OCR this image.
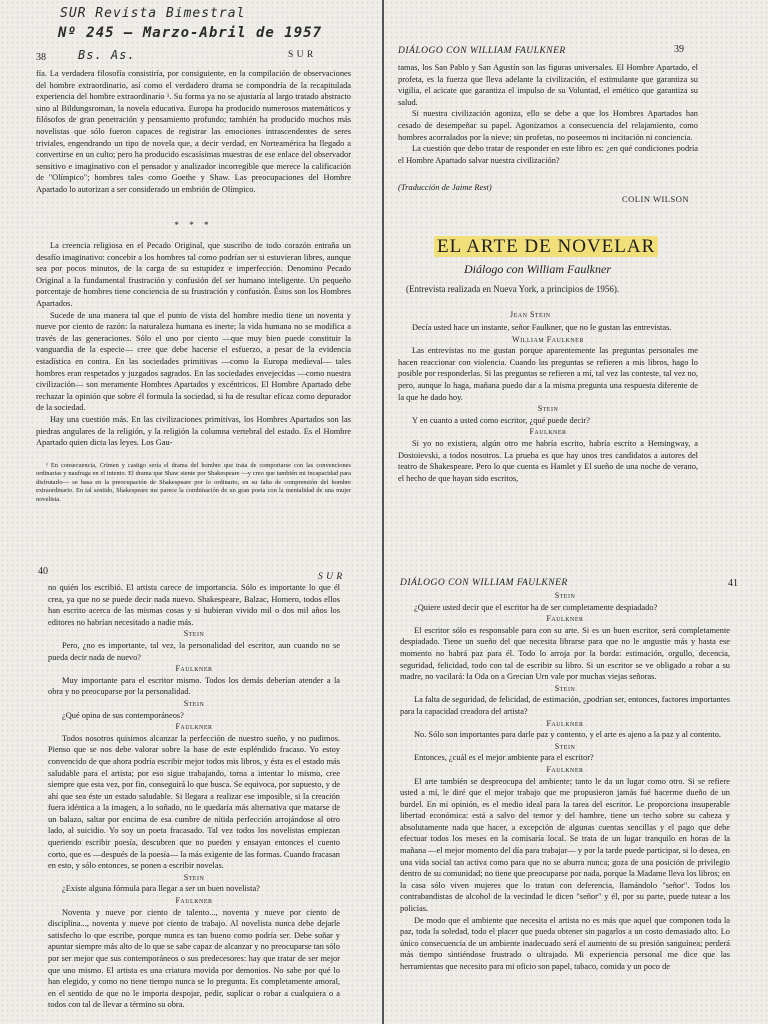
SUR Revista Bimestral
Nº 245 – Marzo-Abril de 1957
Bs. As.
38	S U R

fía. La verdadera filosofía consistiría, por consiguiente, en la compilación de observaciones del hombre extraordinario, así como el verdadero drama se compondría de la recapitulada experiencia del hombre extraordinario ¹. Su forma ya no se ajustaría al largo tratado abstracto sino al Bildungsroman, la novela educativa. Europa ha producido numerosos matemáticos y filósofos de gran penetración y pensamiento profundo; también ha producido muchos más novelistas que sólo fueron capaces de registrar las emociones intrascendentes de seres triviales, engendrando un tipo de novela que, a decir verdad, en Norteamérica ha llegado a convertirse en un culto; pero ha producido escasísimas muestras de ese enlace del observador sensitivo e imaginativo con el pensador y analizador incorregible que merece la calificación de "Olímpico"; hombres tales como Goethe y Shaw. Las preocupaciones del Hombre Apartado lo autorizan a ser considerado un embrión de Olímpico.

* * *

La creencia religiosa en el Pecado Original, que suscribo de todo corazón entraña un desafío imaginativo: concebir a los hombres tal como podrían ser si estuvieran libres, aunque sea por pocos minutos, de la carga de su estupidez e imperfección. Denomino Pecado Original a la fundamental frustración y confusión del ser humano inteligente. Un pequeño porcentaje de hombres tiene conciencia de su frustración y confusión. Éstos son los Hombres Apartados.

Sucede de una manera tal que el punto de vista del hombre medio tiene un noventa y nueve por ciento de razón: la naturaleza humana es inerte; la vida humana no se modifica a través de las generaciones. Sólo el uno por ciento —que muy bien puede constituir la vanguardia de la especie— cree que debe hacerse el esfuerzo, a pesar de la evidencia estadística en contra. En las sociedades primitivas —como la Europa medieval— tales hombres eran respetados y juzgados sagrados. En las sociedades envejecidas —como nuestra civilización— son meramente Hombres Apartados y excéntricos. El Hombre Apartado debe rechazar la opinión que sobre él formula la sociedad, si ha de resultar eficaz como depurador de la sociedad.

Hay una cuestión más. En las civilizaciones primitivas, los Hombres Apartados son las piedras angulares de la religión, y la religión la columna vertebral del estado. Es el Hombre Apartado quien dicta las leyes. Los Gau-

¹ En consecuencia, Crimen y castigo sería el drama del hombre que trata de comportarse con las convenciones ordinarias y naufraga en el intento. El drama que Shaw siente por Shakespeare —y creo que también mi incapacidad para disfrutarlo— se basa en la preocupación de Shakespeare por lo ordinario, en su falta de comprensión del hombre extraordinario. En tal sentido, Shakespeare me parece la combinación de un gran poeta con la mentalidad de una mujer novelista.

DIÁLOGO CON WILLIAM FAULKNER	39

tamas, los San Pablo y San Agustín son las figuras universales. El Hombre Apartado, el profeta, es la fuerza que lleva adelante la civilización, el estimulante que garantiza su vigilia, el acicate que garantiza el impulso de su Voluntad, el emético que garantiza su salud.

Si nuestra civilización agoniza, ello se debe a que los Hombres Apartados han cesado de desempeñar su papel. Agonizamos a consecuencia del relajamiento, como hombres acorralados por la nieve; sin profetas, no poseemos ni incitación ni conciencia.

La cuestión que debo tratar de responder en este libro es: ¿en qué condiciones podría el Hombre Apartado salvar nuestra civilización?

(Traducción de Jaime Rest)
COLIN WILSON
EL ARTE DE NOVELAR
Diálogo con William Faulkner
(Entrevista realizada en Nueva York, a principios de 1956).
Jean Stein

Decía usted hace un instante, señor Faulkner, que no le gustan las entrevistas.

William Faulkner

Las entrevistas no me gustan porque aparentemente las preguntas personales me hacen reaccionar con violencia. Cuando las preguntas se refieren a mis libros, hago lo posible por responderlas. Si las preguntas se refieren a mí, tal vez las conteste, tal vez no, pero, aunque lo haga, mañana puedo dar a la misma pregunta una respuesta diferente de la que he dado hoy.

Stein

Y en cuanto a usted como escritor, ¿qué puede decir?

Faulkner

Si yo no existiera, algún otro me habría escrito, habría escrito a Hemingway, a Dostoievski, a todos nosotros. La prueba es que hay unos tres candidatos a autores del teatro de Shakespeare. Pero lo que cuenta es Hamlet y El sueño de una noche de verano, el hecho de que hayan sido escritos,

40	S U R

no quién los escribió. El artista carece de importancia. Sólo es importante lo que él crea, ya que no se puede decir nada nuevo. Shakespeare, Balzac, Homero, todos ellos han escrito acerca de las mismas cosas y si hubieran vivido mil o dos mil años los editores no habrían necesitado a nadie más.

Stein

Pero, ¿no es importante, tal vez, la personalidad del escritor, aun cuando no se pueda decir nada de nuevo?

Faulkner

Muy importante para el escritor mismo. Todos los demás deberían atender a la obra y no preocuparse por la personalidad.

Stein

¿Qué opina de sus contemporáneos?

Faulkner

Todos nosotros quisimos alcanzar la perfección de nuestro sueño, y no pudimos. Pienso que se nos debe valorar sobre la base de este espléndido fracaso. Yo estoy convencido de que ahora podría escribir mejor todos mis libros, y ésta es el estado más saludable para el artista; por eso sigue trabajando, torna a intentar lo mismo, cree siempre que esta vez, por fin, conseguirá lo que busca. Se equivoca, por supuesto, y de ahí que sea éste un estado saludable. Si llegara a realizar ese imposible, si la creación fuera idéntica a la imagen, a lo soñado, no le quedaría más alternativa que matarse de un balazo, saltar por encima de esa cumbre de nítida perfección arrojándose al otro lado, al suicidio. Yo soy un poeta fracasado. Tal vez todos los novelistas empiezan queriendo escribir poesía, descubren que no pueden y ensayan entonces el cuento corto, que es —después de la poesía— la más exigente de las formas. Cuando fracasan en esto, y sólo entonces, se ponen a escribir novelas.

Stein

¿Existe alguna fórmula para llegar a ser un buen novelista?

Faulkner

Noventa y nueve por ciento de talento..., noventa y nueve por ciento de disciplina..., noventa y nueve por ciento de trabajo. Al novelista nunca debe dejarle satisfecho lo que escribe, porque nunca es tan bueno como podría ser. Debe soñar y apuntar siempre más alto de lo que se sabe capaz de alcanzar y no preocuparse tan sólo por ser mejor que sus contemporáneos o sus predecesores: hay que tratar de ser mejor que uno mismo. El artista es una criatura movida por demonios. No sabe por qué lo han elegido, y como no tiene tiempo nunca se lo pregunta. Es completamente amoral, en el sentido de que no le importa despojar, pedir, suplicar o robar a cualquiera o a todos con tal de llevar a término su obra.

DIÁLOGO CON WILLIAM FAULKNER	41

Stein

¿Quiere usted decir que el escritor ha de ser completamente despiadado?

Faulkner

El escritor sólo es responsable para con su arte. Si es un buen escritor, será completamente despiadado. Tiene un sueño del que necesita librarse para que no le angustie más y hasta ese momento no habrá paz para él. Todo lo arroja por la borda: estimación, orgullo, decencia, seguridad, felicidad, todo con tal de escribir su libro. Si un escritor se ve obligado a robar a su madre, no vacilará: la Oda on a Grecian Urn vale por muchas viejas señoras.

Stein

La falta de seguridad, de felicidad, de estimación, ¿podrían ser, entonces, factores importantes para la capacidad creadora del artista?

Faulkner

No. Sólo son importantes para darle paz y contento, y el arte es ajeno a la paz y al contento.

Stein

Entonces, ¿cuál es el mejor ambiente para el escritor?

Faulkner

El arte también se despreocupa del ambiente; tanto le da un lugar como otro. Si se refiere usted a mí, le diré que el mejor trabajo que me propusieron jamás fué hacerme dueño de un burdel. En mi opinión, es el medio ideal para la tarea del escritor. Le proporciona insuperable libertad económica: está a salvo del temor y del hambre, tiene un techo sobre su cabeza y absolutamente nada que hacer, a excepción de algunas cuentas sencillas y el pago que debe efectuar todos los meses en la comisaría local. Se trata de un lugar tranquilo en horas de la mañana —el mejor momento del día para trabajar— y por la tarde puede participar, si lo desea, en una vida social tan activa como para que no se aburra nunca; goza de una posición de privilegio dentro de su comunidad; no tiene que preocuparse por nada, porque la Madame lleva los libros; en la casa sólo viven mujeres que lo tratan con deferencia, llamándolo "señor". Todos los contrabandistas de alcohol de la vecindad le dicen "señor" y él, por su parte, puede tutear a los policías.

De modo que el ambiente que necesita el artista no es más que aquel que componen toda la paz, toda la soledad, todo el placer que pueda obtener sin pagarlos a un costo demasiado alto. Lo único consecuencia de un ambiente inadecuado será el aumento de su presión sanguínea; perderá más tiempo sintiéndose frustrado o ultrajado. Mi experiencia personal me dice que las herramientas que necesito para mi oficio son papel, tabaco, comida y un poco de
